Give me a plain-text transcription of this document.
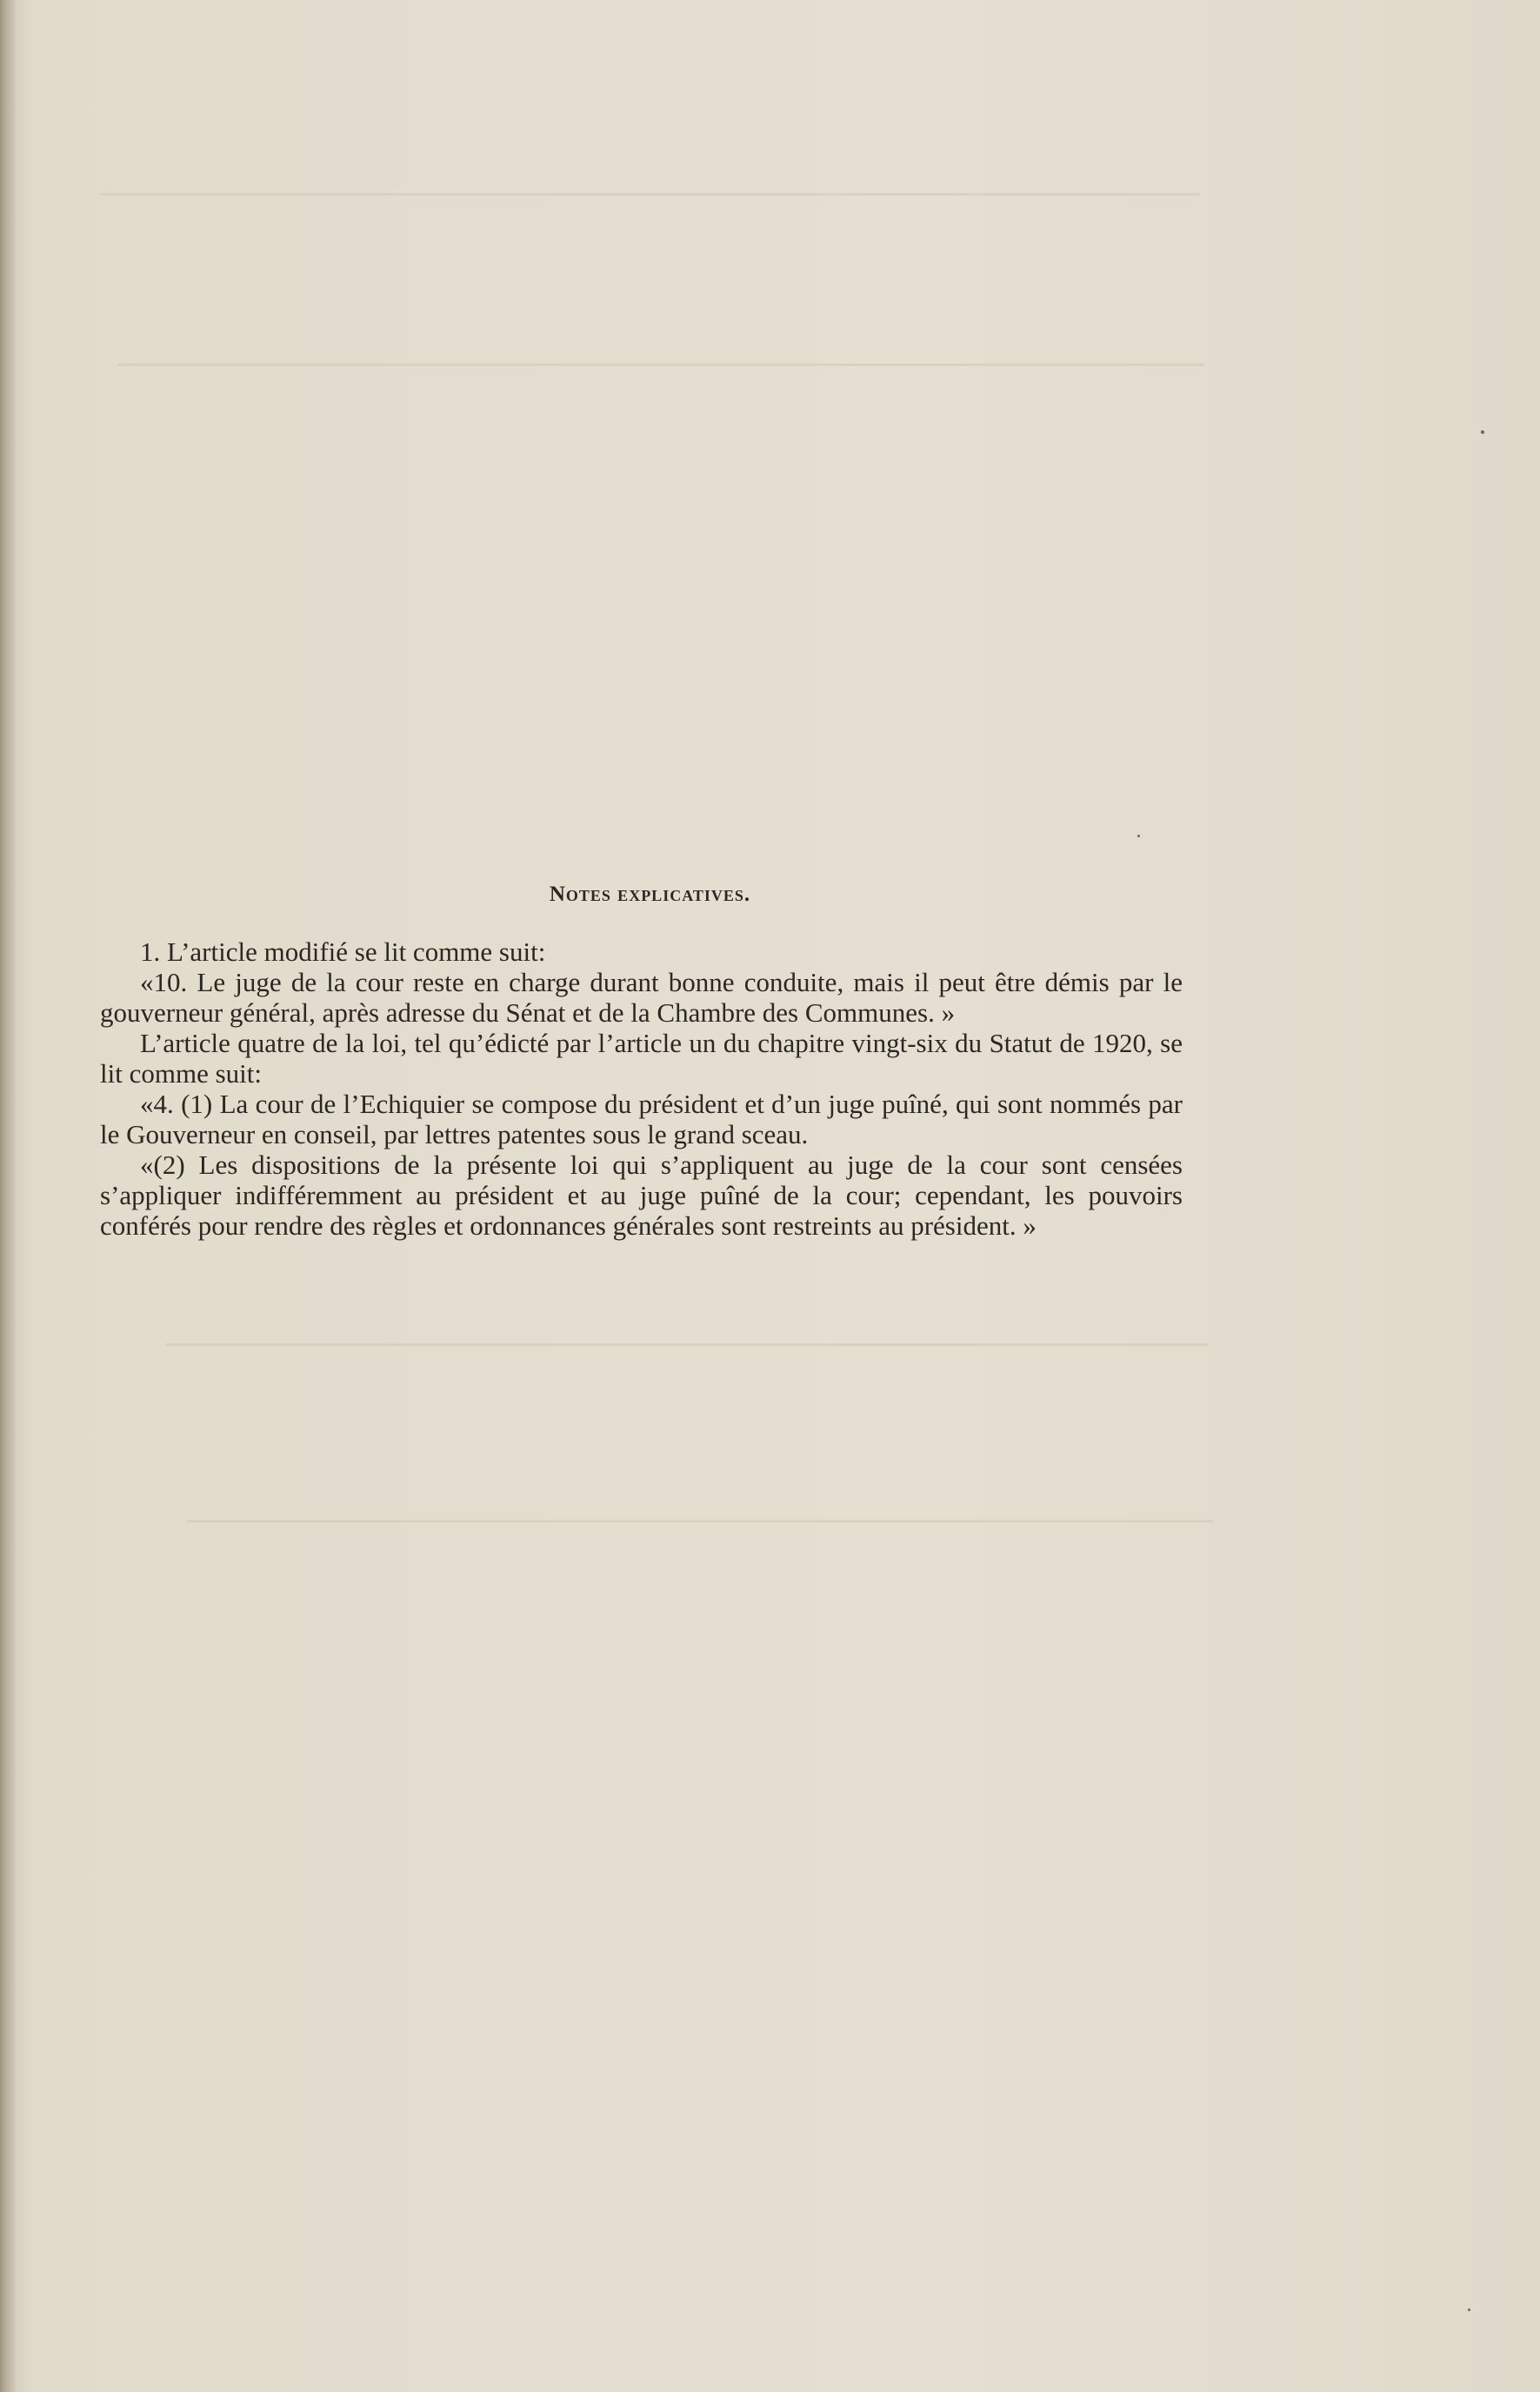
Notes explicatives.

1. L’article modifié se lit comme suit:

«10. Le juge de la cour reste en charge durant bonne conduite, mais il peut être démis par le gouverneur général, après adresse du Sénat et de la Chambre des Communes. »

L’article quatre de la loi, tel qu’édicté par l’article un du chapitre vingt-six du Statut de 1920, se lit comme suit:

«4. (1) La cour de l’Echiquier se compose du président et d’un juge puîné, qui sont nommés par le Gouverneur en conseil, par lettres patentes sous le grand sceau.

«(2) Les dispositions de la présente loi qui s’appliquent au juge de la cour sont censées s’appliquer indifféremment au président et au juge puîné de la cour; cependant, les pouvoirs conférés pour rendre des règles et ordonnances générales sont restreints au président. »
